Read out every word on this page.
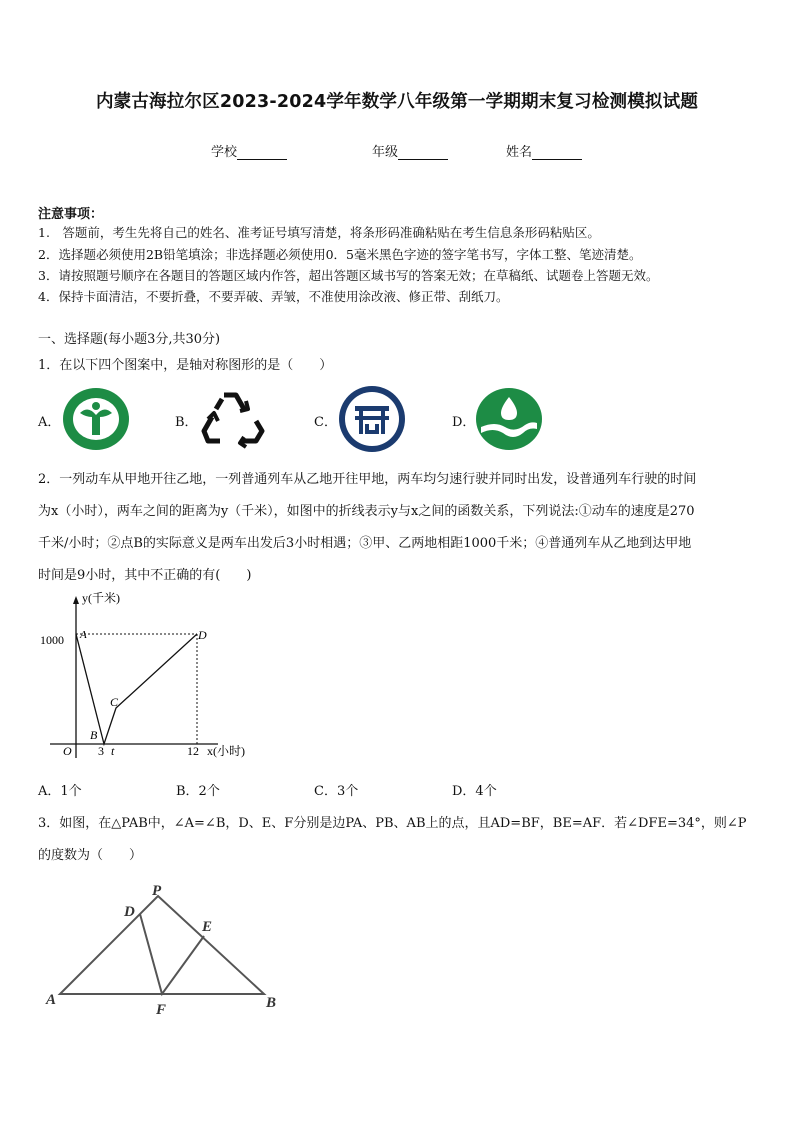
内蒙古海拉尔区2023-2024学年数学八年级第一学期期末复习检测模拟试题
学校	年级	姓名
注意事项：
1.　答题前，考生先将自己的姓名、准考证号填写清楚，将条形码准确粘贴在考生信息条形码粘贴区。
2．选择题必须使用2B铅笔填涂；非选择题必须使用0．5毫米黑色字迹的签字笔书写，字体工整、笔迹清楚。
3．请按照题号顺序在各题目的答题区域内作答，超出答题区域书写的答案无效；在草稿纸、试题卷上答题无效。
4．保持卡面清洁，不要折叠，不要弄破、弄皱，不准使用涂改液、修正带、刮纸刀。
一、选择题(每小题3分,共30分)
1．在以下四个图案中，是轴对称图形的是（　　）
A．	B．	C．	D．
2．一列动车从甲地开往乙地，一列普通列车从乙地开往甲地，两车均匀速行驶并同时出发，设普通列车行驶的时间
为x（小时），两车之间的距离为y（千米），如图中的折线表示y与x之间的函数关系，下列说法:①动车的速度是270
千米/小时；②点B的实际意义是两车出发后3小时相遇；③甲、乙两地相距1000千米；④普通列车从乙地到达甲地
时间是9小时，其中不正确的有(　　)
y(千米)
1000 A
B
C
D
O 3 t	12 x(小时)
A．1个	B．2个	C．3个	D．4个
3．如图，在△PAB中，∠A=∠B，D、E、F分别是边PA、PB、AB上的点，且AD=BF，BE=AF．若∠DFE=34°，则∠P
的度数为（　　）
P
D
E
A
F	B
